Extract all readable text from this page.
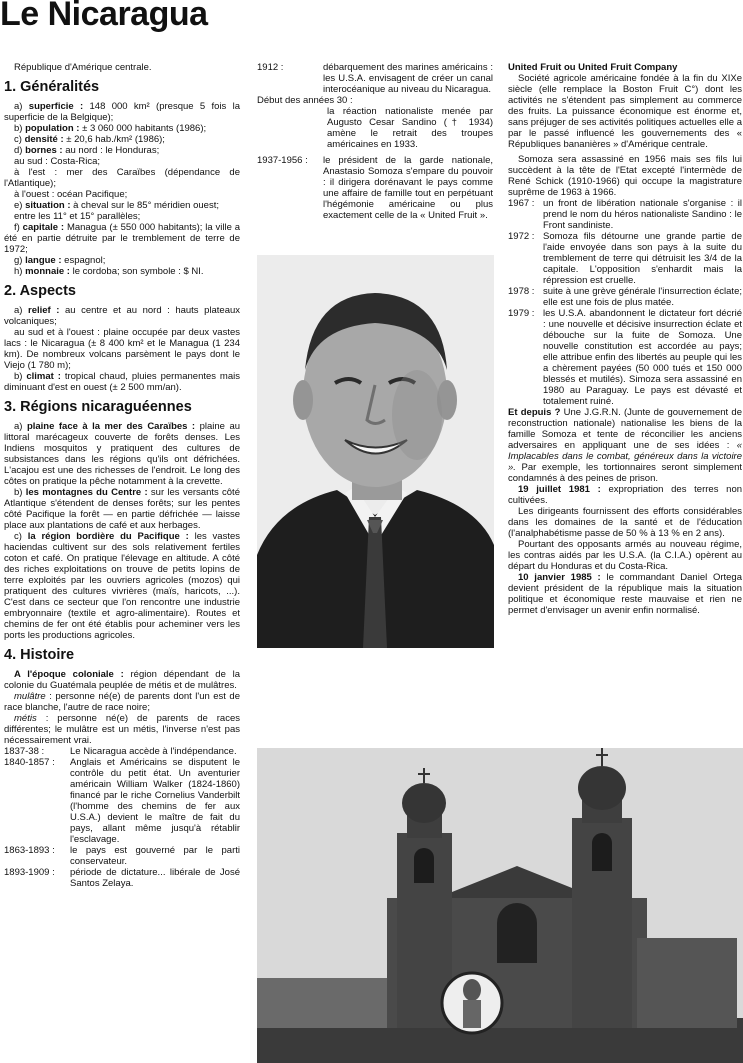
Le Nicaragua

République d'Amérique centrale.

1. Généralités

a) superficie : 148 000 km² (presque 5 fois la superficie de la Belgique);

b) population : ± 3 060 000 habitants (1986);

c) densité : ± 20,6 hab./km² (1986);

d) bornes : au nord : le Honduras;

au sud : Costa-Rica;

à l'est : mer des Caraïbes (dépendance de l'Atlantique);

à l'ouest : océan Pacifique;

e) situation : à cheval sur le 85° méridien ouest;

entre les 11° et 15° parallèles;

f) capitale : Managua (± 550 000 habitants); la ville a été en partie détruite par le tremblement de terre de 1972;

g) langue : espagnol;

h) monnaie : le cordoba; son symbole : $ NI.

2. Aspects

a) relief : au centre et au nord : hauts plateaux volcaniques;

au sud et à l'ouest : plaine occupée par deux vastes lacs : le Nicaragua (± 8 400 km² et le Managua (1 234 km). De nombreux volcans parsèment le pays dont le Viejo (1 780 m);

b) climat : tropical chaud, pluies permanentes mais diminuant d'est en ouest (± 2 500 mm/an).

3. Régions nicaraguéennes

a) plaine face à la mer des Caraïbes : plaine au littoral marécageux couverte de forêts denses. Les Indiens mosquitos y pratiquent des cultures de subsistances dans les régions qu'ils ont défrichées. L'acajou est une des richesses de l'endroit. Le long des côtes on pratique la pêche notamment à la crevette.

b) les montagnes du Centre : sur les versants côté Atlantique s'étendent de denses forêts; sur les pentes côté Pacifique la forêt — en partie défrichée — laisse place aux plantations de café et aux herbages.

c) la région bordière du Pacifique : les vastes haciendas cultivent sur des sols relativement fertiles coton et café. On pratique l'élevage en altitude. A côté des riches exploitations on trouve de petits lopins de terre exploités par les ouvriers agricoles (mozos) qui pratiquent des cultures vivrières (maïs, haricots, ...). C'est dans ce secteur que l'on rencontre une industrie embryonnaire (textile et agro-alimentaire). Routes et chemins de fer ont été établis pour acheminer vers les ports les productions agricoles.

4. Histoire

A l'époque coloniale : région dépendant de la colonie du Guatémala peuplée de métis et de mulâtres.

mulâtre : personne né(e) de parents dont l'un est de race blanche, l'autre de race noire;

métis : personne né(e) de parents de races différentes; le mulâtre est un métis, l'inverse n'est pas nécessairement vrai.

1837-38 :	Le Nicaragua accède à l'indépendance.
1840-1857 :	Anglais et Américains se disputent le contrôle du petit état. Un aventurier américain William Walker (1824-1860) financé par le riche Cornelius Vanderbilt (l'homme des chemins de fer aux U.S.A.) devient le maître de fait du pays, allant même jusqu'à rétablir l'esclavage.
1863-1893 :	le pays est gouverné par le parti conservateur.
1893-1909 :	période de dictature... libérale de José Santos Zelaya.
1912 :	débarquement des marines américains : les U.S.A. envisagent de créer un canal interocéanique au niveau du Nicaragua.

Début des années 30 :

la réaction nationaliste menée par Augusto Cesar Sandino († 1934) amène le retrait des troupes américaines en 1933.

1937-1956 :	le président de la garde nationale, Anastasio Somoza s'empare du pouvoir : il dirigera dorénavant le pays comme une affaire de famille tout en perpétuant l'hégémonie américaine ou plus exactement celle de la « United Fruit ».

United Fruit ou United Fruit Company

Société agricole américaine fondée à la fin du XIXe siècle (elle remplace la Boston Fruit C°) dont les activités ne s'étendent pas simplement au commerce des fruits. La puissance économique est énorme et, sans préjuger de ses activités politiques actuelles elle a par le passé influencé les gouvernements des « Républiques bananières » d'Amérique centrale.

Somoza sera assassiné en 1956 mais ses fils lui succèdent à la tête de l'Etat excepté l'intermède de René Schick (1910-1966) qui occupe la magistrature suprême de 1963 à 1966.

1967 : un front de libération nationale s'organise : il prend le nom du héros nationaliste Sandino : le Front sandiniste.
1972 : Somoza fils détourne une grande partie de l'aide envoyée dans son pays à la suite du tremblement de terre qui détruisit les 3/4 de la capitale. L'opposition s'enhardit mais la répression est cruelle.
1978 : suite à une grève générale l'insurrection éclate; elle est une fois de plus matée.
1979 : les U.S.A. abandonnent le dictateur fort décrié : une nouvelle et décisive insurrection éclate et débouche sur la fuite de Somoza. Une nouvelle constitution est accordée au pays; elle attribue enfin des libertés au peuple qui les a chèrement payées (50 000 tués et 150 000 blessés et mutilés). Simoza sera assassiné en 1980 au Paraguay. Le pays est dévasté et totalement ruiné.

Et depuis ? Une J.G.R.N. (Junte de gouvernement de reconstruction nationale) nationalise les biens de la famille Somoza et tente de réconcilier les anciens adversaires en appliquant une de ses idées : « Implacables dans le combat, généreux dans la victoire ». Par exemple, les tortionnaires seront simplement condamnés à des peines de prison.

19 juillet 1981 : expropriation des terres non cultivées.

Les dirigeants fournissent des efforts considérables dans les domaines de la santé et de l'éducation (l'analphabétisme passe de 50 % à 13 % en 2 ans).

Pourtant des opposants armés au nouveau régime, les contras aidés par les U.S.A. (la C.I.A.) opèrent au départ du Honduras et du Costa-Rica.

10 janvier 1985 : le commandant Daniel Ortega devient président de la république mais la situation politique et économique reste mauvaise et rien ne permet d'envisager un avenir enfin normalisé.
